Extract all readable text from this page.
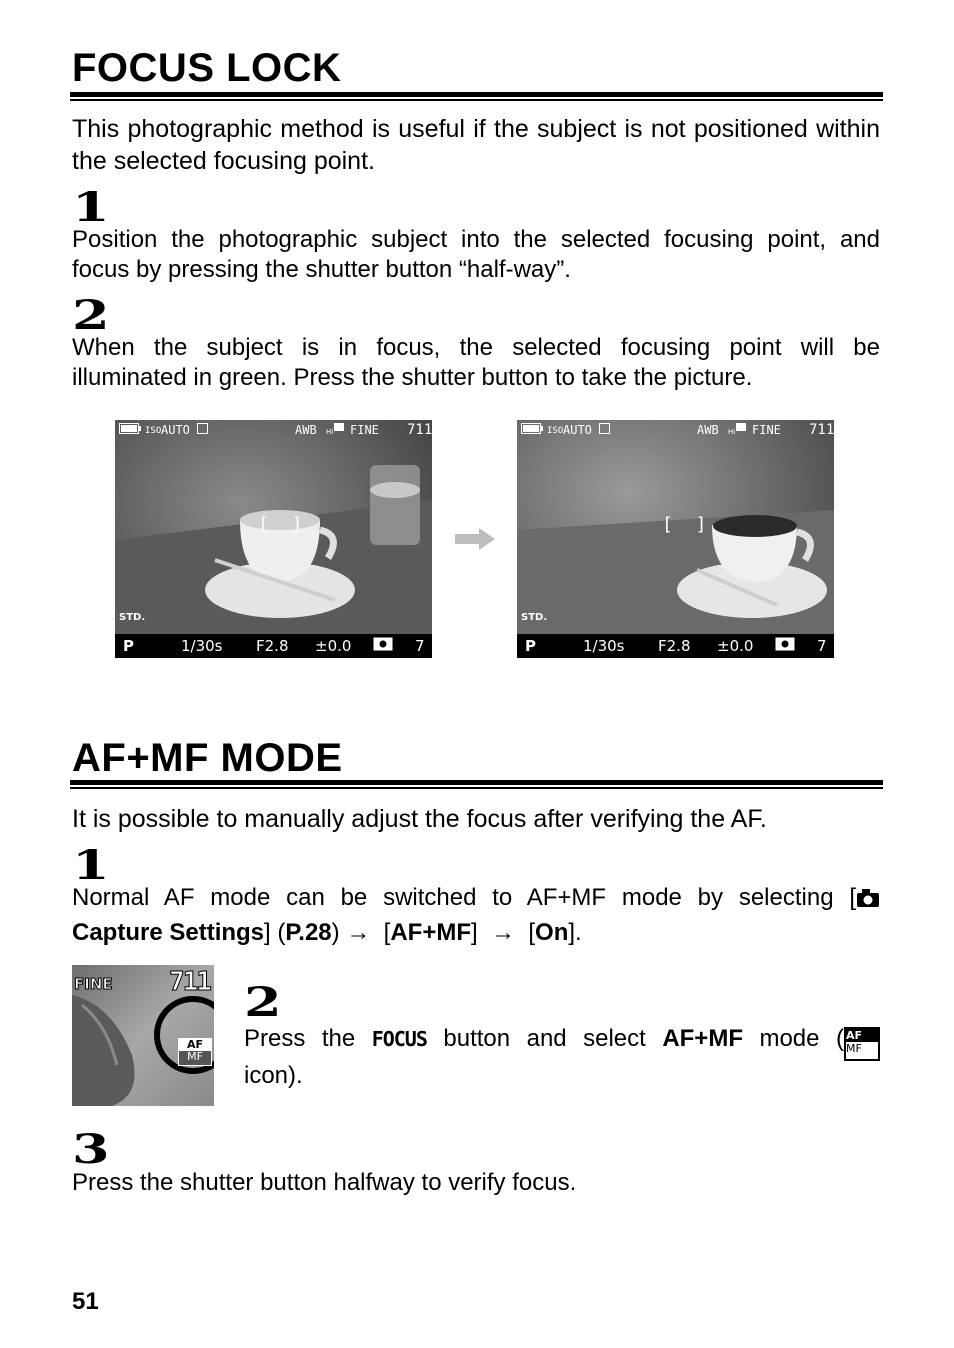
FOCUS LOCK

This photographic method is useful if the subject is not positioned within the selected focusing point.

1
Position the photographic subject into the selected focusing point, and
focus by pressing the shutter button “half-way”.
2
When the subject is in focus, the selected focusing point will be
illuminated in green. Press the shutter button to take the picture.
ISO AUTO	AWB Hi FINE 711
[ ]
STD.
P	1/30s F2.8 ±0.0	7
ISO AUTO	AWB Hi FINE 711
[ ]
STD.
P	1/30s F2.8 ±0.0	7
AF+MF MODE

It is possible to manually adjust the focus after verifying the AF.

1
Normal AF mode can be switched to AF+MF mode by selecting [
Capture Settings] (P.28) →  [AF+MF]  →  [On].
FINE 711
AF
MF
2
Press the FOCUS button and select AF+MF mode ( AF
MF
icon).
3

Press the shutter button halfway to verify focus.

51
